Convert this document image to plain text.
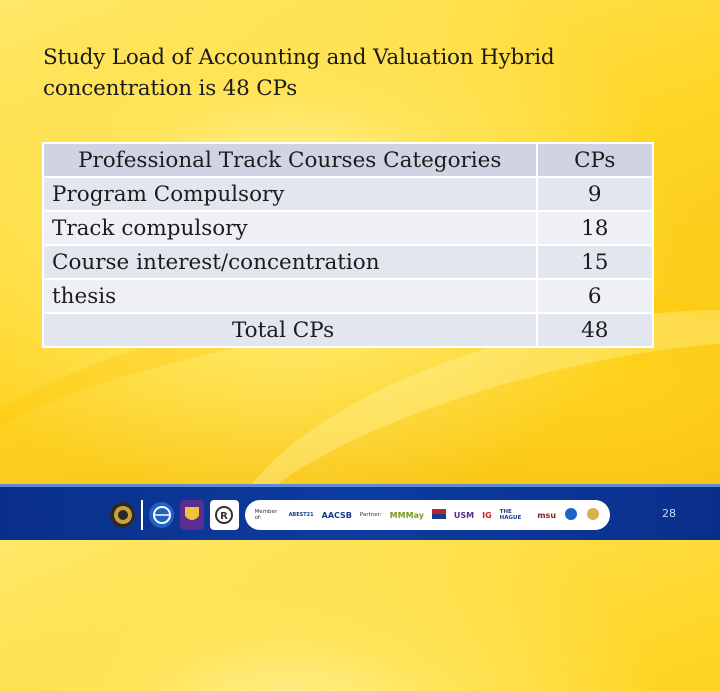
Study Load of Accounting and Valuation Hybrid
concentration is 48 CPs
Professional Track Courses Categories	CPs
Program Compulsory	9
Track compulsory	18
Course interest/concentration	15
thesis	6
Total CPs	48
R	Member of:	ABEST21 AACSB Partner: MMMay	USM IG THE HAGUE	msu	28
